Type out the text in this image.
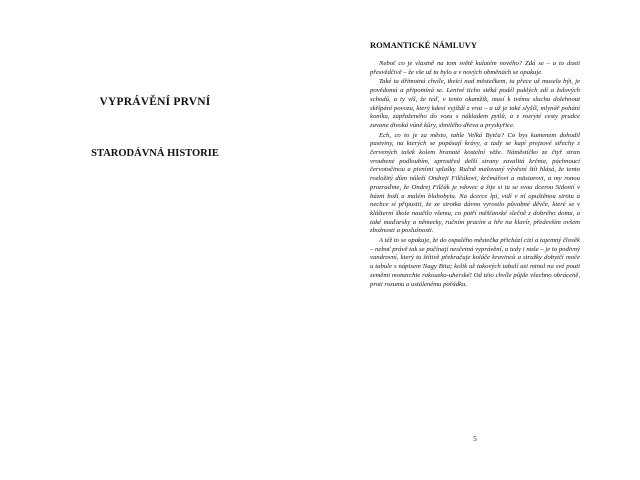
VYPRÁVĚNÍ PRVNÍ
STARODÁVNÁ HISTORIE
ROMANTICKÉ NÁMLUVY

Neboť co je vlastně na tom světě kulatém nového? Zdá se – a to dosti přesvědčivě – že vše už tu bylo a v nových obměnách se opakuje.

Také ta dřímotná chvíle, tkvící nad městečkem, tu přece už musela být, je povědomá a připomíná se. Lenivé ticho stéká podél puklých zdí a žulových schodů, a ty víš, že teď, v tento okamžik, musí k tvému sluchu dolehnout skřípání povozu, který kdesi vyjíždí z vrat – a už je také slyšíš, mlynář pohání koníka, zapřaženého do vozu s nákladem pytlů, a z rozryté cesty prudce zavane divoká vůně kůry, shnilého dřeva a pryskyřice.

Ech, co to je za město, tahle Velká Bytča? Co bys kamenem dohodil pastviny, na kterých se popásají krávy, a tady se kupí prejzové střechy z červených tašek kolem hranaté kostelní věže. Náměstíčko ze čtyř stran vroubené podloubím, uprostřed delší strany zavalitá krčma, páchnoucí červotočinou a pivními splašky. Ručně malovaný vývěsní štít hlásá, že tento rozložitý dům náleží Ondreji Filčákovi, krčmářovi a mäsiarovi, a my ronou prozraďme, že Ondrej Filčák je vdovec a žije si tu se svou dcerou Sidonií v bázni boží a malém blahobytu. Na dcerce lpí, vidí v ní opuštěnou sirotu a nechce si připustit, že ze sirotka dávno vyrostlo půvabné děvče, které se v klášterní škole naučilo všemu, co patří měšťanské slečně z dobrého domu, a také maďarsky a německy, ručním pracím a hře na klavír, především ovšem zbožnosti a poslušnosti.

A též to se opakuje, že do ospalého městečka přichází cizí a tajemný člověk – neboť právě tak se počínají nesčetná vyprávění, a tedy i naše – je to podivný vandrovní, který tu štítivě překračuje koláče kravinců a stružky dobytčí moče u tabule s nápisem Nagy Bita; kolik už takových tabulí asi minul na své pouti zeměmi monarchie rakousko-uherské! Od této chvíle půjde všechno obráceně, proti rozumu a ustálenému pořádku.

5
